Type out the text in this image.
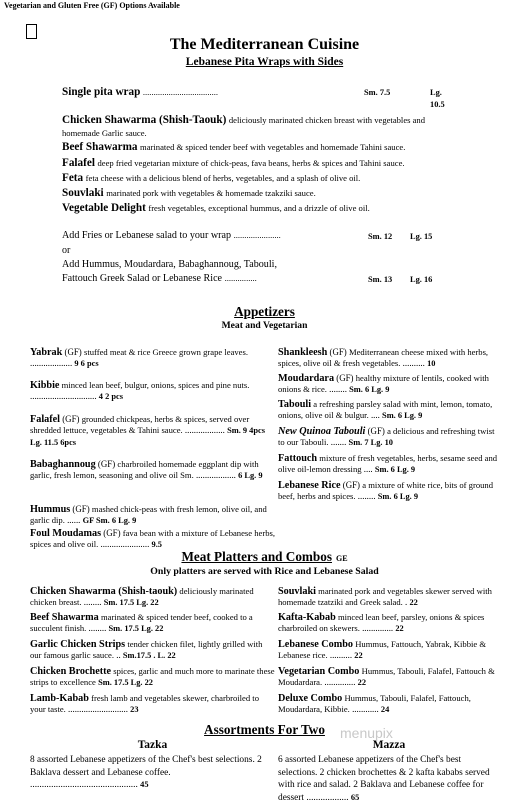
Vegetarian and Gluten Free (GF) Options Available
The Mediterranean Cuisine
Lebanese Pita Wraps with Sides
Single pita wrap ...................................	Sm. 7.5	Lg. 10.5
Chicken Shawarma (Shish-Taouk) deliciously marinated chicken breast with vegetables and homemade Garlic sauce.
Beef Shawarma marinated & spiced tender beef with vegetables and homemade Tahini sauce.
Falafel deep fried vegetarian mixture of chick-peas, fava beans, herbs & spices and Tahini sauce.
Feta feta cheese with a delicious blend of herbs, vegetables, and a splash of olive oil.
Souvlaki marinated pork with vegetables & homemade tzakziki sauce.
Vegetable Delight fresh vegetables, exceptional hummus, and a drizzle of olive oil.
Add Fries or Lebanese salad to your wrap ......................	Sm. 12 Lg. 15
or
Add Hummus, Moudardara, Babaghannoug, Tabouli,
Fattouch Greek Salad or Lebanese Rice ...............	Sm. 13 Lg. 16
Appetizers
Meat and Vegetarian
Yabrak (GF) stuffed meat & rice Greece grown grape leaves. ................... 9 6 pcs
Kibbie minced lean beef, bulgur, onions, spices and pine nuts. .............................. 4 2 pcs
Falafel (GF) grounded chickpeas, herbs & spices, served over shredded lettuce, vegetables & Tahini sauce. .................. Sm. 9 4pcs Lg. 11.5 6pcs
Babaghannoug (GF) charbroiled homemade eggplant dip with garlic, fresh lemon, seasoning and olive oil Sm. .................. 6 Lg. 9
Hummus (GF) mashed chick-peas with fresh lemon, olive oil, and garlic dip. ...... GF Sm. 6 Lg. 9
Foul Moudamas (GF) fava bean with a mixture of Lebanese herbs, spices and olive oil. ...................... 9.5
Shankleesh (GF) Mediterranean cheese mixed with herbs, spices, olive oil & fresh vegetables. .......... 10
Moudardara (GF) healthy mixture of lentils, cooked with onions & rice. ........ Sm. 6 Lg. 9
Tabouli a refreshing parsley salad with mint, lemon, tomato, onions, olive oil & bulgur. .... Sm. 6 Lg. 9
New Quinoa Tabouli (GF) a delicious and refreshing twist to our Tabouli. ....... Sm. 7 Lg. 10
Fattouch mixture of fresh vegetables, herbs, sesame seed and olive oil-lemon dressing .... Sm. 6 Lg. 9
Lebanese Rice (GF) a mixture of white rice, bits of ground beef, herbs and spices. ........ Sm. 6 Lg. 9
Meat Platters and Combos GE
Only platters are served with Rice and Lebanese Salad
Chicken Shawarma (Shish-taouk) deliciously marinated chicken breast. ........ Sm. 17.5 Lg. 22
Beef Shawarma marinated & spiced tender beef, cooked to a succulent finish. ........ Sm. 17.5 Lg. 22
Garlic Chicken Strips tender chicken filet, lightly grilled with our famous garlic sauce. .. Sm.17.5 . L. 22
Chicken Brochette spices, garlic and much more to marinate these strips to excellence Sm. 17.5 Lg. 22
Lamb-Kabab fresh lamb and vegetables skewer, charbroiled to your taste. ........................... 23
Souvlaki marinated pork and vegetables skewer served with homemade tzatziki and Greek salad. . 22
Kafta-Kabab minced lean beef, parsley, onions & spices charbroiled on skewers. .............. 22
Lebanese Combo Hummus, Fattouch, Yabrak, Kibbie & Lebanese rice. .......... 22
Vegetarian Combo Hummus, Tabouli, Falafel, Fattouch & Moudardara. .............. 22
Deluxe Combo Hummus, Tabouli, Falafel, Fattouch, Moudardara, Kibbie. ............ 24
Assortments For Two
Tazka
8 assorted Lebanese appetizers of the Chef's best selections. 2 Baklava dessert and Lebanese coffee. .............................................. 45
Mazza
6 assorted Lebanese appetizers of the Chef's best selections. 2 chicken brochettes & 2 kafta kababs served with rice and salad. 2 Baklava and Lebanese coffee for dessert .................. 65
menupix
